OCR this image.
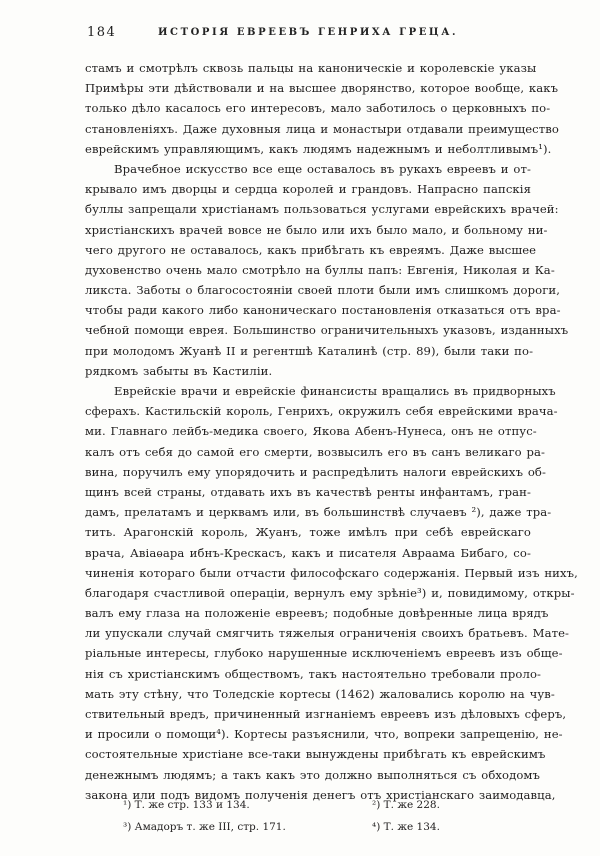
184	ИСТОРІЯ ЕВРЕЕВЪ ГЕНРИХА ГРЕЦА.
стамъ и смотрѣлъ сквозь пальцы на каноническіе и королевскіе указы
Примѣры эти дѣйствовали и на высшее дворянство, которое вообще, какъ
только дѣло касалось его интересовъ, мало заботилось о церковныхъ по-
становленіяхъ. Даже духовныя лица и монастыри отдавали преимущество
еврейскимъ управляющимъ, какъ людямъ надежнымъ и неболтливымъ¹).
Врачебное искусство все еще оставалось въ рукахъ евреевъ и от-
крывало имъ дворцы и сердца королей и грандовъ. Напрасно папскія
буллы запрещали христіанамъ пользоваться услугами еврейскихъ врачей:
христіанскихъ врачей вовсе не было или ихъ было мало, и больному ни-
чего другого не оставалось, какъ прибѣгать къ евреямъ. Даже высшее
духовенство очень мало смотрѣло на буллы папъ: Евгенія, Николая и Ка-
ликста. Заботы о благосостояніи своей плоти были имъ слишкомъ дороги,
чтобы ради какого либо каноническаго постановленія отказаться отъ вра-
чебной помощи еврея. Большинство ограничительныхъ указовъ, изданныхъ
при молодомъ Жуанѣ II и регентшѣ Каталинѣ (стр. 89), были таки по-
рядкомъ забыты въ Кастиліи.
Еврейскіе врачи и еврейскіе финансисты вращались въ придворныхъ
сферахъ. Кастильскій король, Генрихъ, окружилъ себя еврейскими врача-
ми. Главнаго лейбъ-медика своего, Якова Абенъ-Нунеса, онъ не отпус-
калъ отъ себя до самой его смерти, возвысилъ его въ санъ великаго ра-
вина, поручилъ ему упорядочить и распредѣлить налоги еврейскихъ об-
щинъ всей страны, отдавать ихъ въ качествѣ ренты инфантамъ, гран-
дамъ, прелатамъ и церквамъ или, въ большинствѣ случаевъ ²), даже тра-
тить. Арагонскій король, Жуанъ, тоже имѣлъ при себѣ еврейскаго
врача, Авіаѳара ибнъ-Крескасъ, какъ и писателя Авраама Бибаго, со-
чиненія котораго были отчасти философскаго содержанія. Первый изъ нихъ,
благодаря счастливой операціи, вернулъ ему зрѣніе³) и, повидимому, откры-
валъ ему глаза на положеніе евреевъ; подобные довѣренные лица врядъ
ли упускали случай смягчить тяжелыя ограниченія своихъ братьевъ. Мате-
ріальные интересы, глубоко нарушенные исключеніемъ евреевъ изъ обще-
нія съ христіанскимъ обществомъ, такъ настоятельно требовали проло-
мать эту стѣну, что Толедскіе кортесы (1462) жаловались королю на чув-
ствительный вредъ, причиненный изгнаніемъ евреевъ изъ дѣловыхъ сферъ,
и просили о помощи⁴). Кортесы разъяснили, что, вопреки запрещенію, не-
состоятельные христіане все-таки вынуждены прибѣгать къ еврейскимъ
денежнымъ людямъ; а такъ какъ это должно выполняться съ обходомъ
закона или подъ видомъ полученія денегъ отъ христіанскаго заимодавца,
¹) Т. же стр. 133 и 134.	²) Т. же 228.
³) Амадоръ т. же III, стр. 171.	⁴) Т. же 134.
